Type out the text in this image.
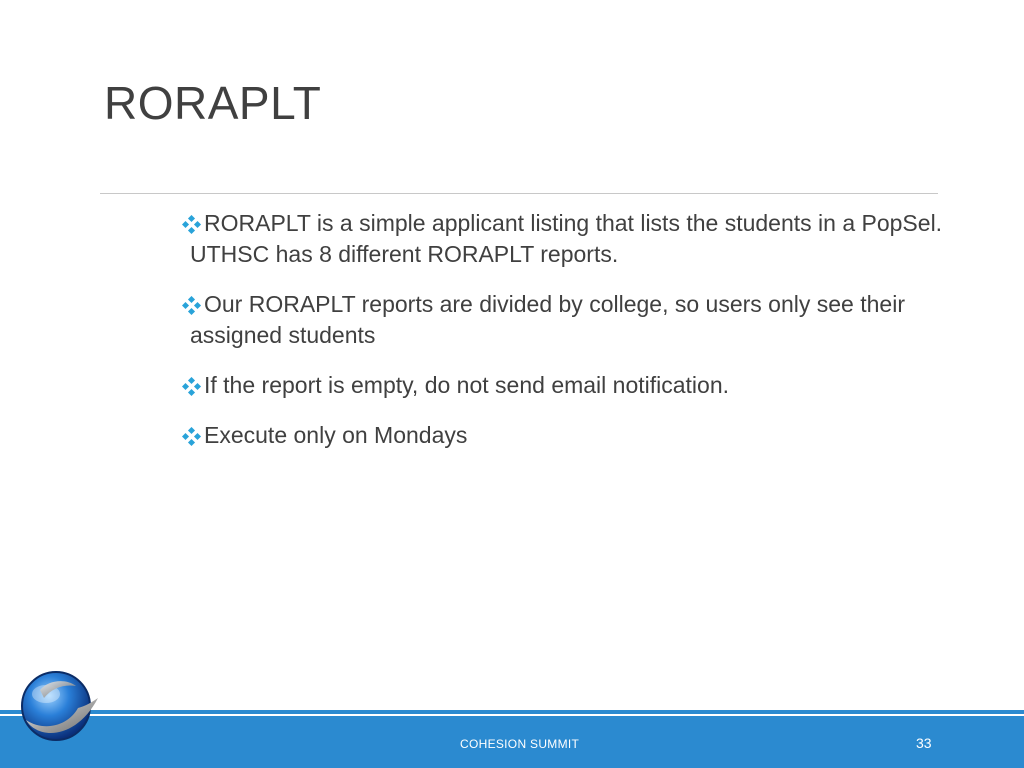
RORAPLT
RORAPLT is a simple applicant listing that lists the students in a PopSel.
UTHSC has 8 different RORAPLT reports.
Our RORAPLT reports are divided by college, so users only see their
assigned students
If the report is empty, do not send email notification.
Execute only on Mondays
COHESION SUMMIT	33
